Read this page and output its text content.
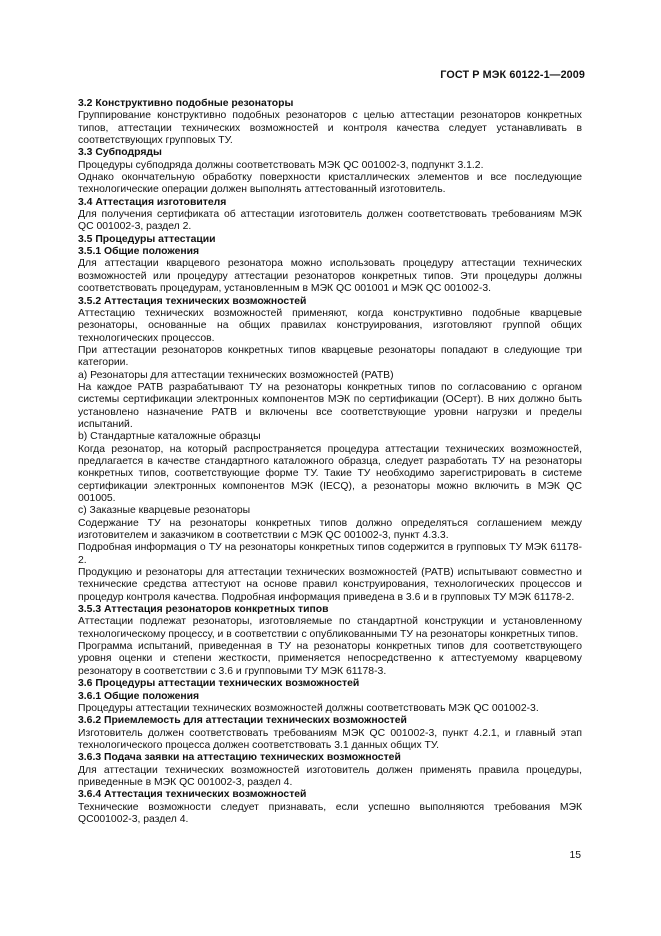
ГОСТ Р МЭК 60122-1—2009

3.2 Конструктивно подобные резонаторы

Группирование конструктивно подобных резонаторов с целью аттестации резонаторов конкретных типов, аттестации технических возможностей и контроля качества следует устанавливать в соответствующих групповых ТУ.

3.3 Субподряды

Процедуры субподряда должны соответствовать МЭК QC 001002-3, подпункт 3.1.2.

Однако окончательную обработку поверхности кристаллических элементов и все последующие технологические операции должен выполнять аттестованный изготовитель.

3.4 Аттестация изготовителя

Для получения сертификата об аттестации изготовитель должен соответствовать требованиям МЭК QC 001002-3, раздел 2.

3.5 Процедуры аттестации

3.5.1 Общие положения

Для аттестации кварцевого резонатора можно использовать процедуру аттестации технических возможностей или процедуру аттестации резонаторов конкретных типов. Эти процедуры должны соответствовать процедурам, установленным в МЭК QC 001001 и МЭК QC 001002-3.

3.5.2 Аттестация технических возможностей

Аттестацию технических возможностей применяют, когда конструктивно подобные кварцевые резонаторы, основанные на общих правилах конструирования, изготовляют группой общих технологических процессов.

При аттестации резонаторов конкретных типов кварцевые резонаторы попадают в следующие три категории.

a) Резонаторы для аттестации технических возможностей (РАТВ)

На каждое РАТВ разрабатывают ТУ на резонаторы конкретных типов по согласованию с органом системы сертификации электронных компонентов МЭК по сертификации (ОСерт). В них должно быть установлено назначение РАТВ и включены все соответствующие уровни нагрузки и пределы испытаний.

b) Стандартные каталожные образцы

Когда резонатор, на который распространяется процедура аттестации технических возможностей, предлагается в качестве стандартного каталожного образца, следует разработать ТУ на резонаторы конкретных типов, соответствующие форме ТУ. Такие ТУ необходимо зарегистрировать в системе сертификации электронных компонентов МЭК (IECQ), а резонаторы можно включить в МЭК QC 001005.

c) Заказные кварцевые резонаторы

Содержание ТУ на резонаторы конкретных типов должно определяться соглашением между изготовителем и заказчиком в соответствии с МЭК QC 001002-3, пункт 4.3.3.

Подробная информация о ТУ на резонаторы конкретных типов содержится в групповых ТУ МЭК 61178-2.

Продукцию и резонаторы для аттестации технических возможностей (РАТВ) испытывают совместно и технические средства аттестуют на основе правил конструирования, технологических процессов и процедур контроля качества. Подробная информация приведена в 3.6 и в групповых ТУ МЭК 61178-2.

3.5.3 Аттестация резонаторов конкретных типов

Аттестации подлежат резонаторы, изготовляемые по стандартной конструкции и установленному технологическому процессу, и в соответствии с опубликованными ТУ на резонаторы конкретных типов.

Программа испытаний, приведенная в ТУ на резонаторы конкретных типов для соответствующего уровня оценки и степени жесткости, применяется непосредственно к аттестуемому кварцевому резонатору в соответствии с 3.6 и групповыми ТУ МЭК 61178-3.

3.6 Процедуры аттестации технических возможностей

3.6.1 Общие положения

Процедуры аттестации технических возможностей должны соответствовать МЭК QC 001002-3.

3.6.2 Приемлемость для аттестации технических возможностей

Изготовитель должен соответствовать требованиям МЭК QC 001002-3, пункт 4.2.1, и главный этап технологического процесса должен соответствовать 3.1 данных общих ТУ.

3.6.3 Подача заявки на аттестацию технических возможностей

Для аттестации технических возможностей изготовитель должен применять правила процедуры, приведенные в МЭК QC 001002-3, раздел 4.

3.6.4 Аттестация технических возможностей

Технические возможности следует признавать, если успешно выполняются требования МЭК QC001002-3, раздел 4.

15
